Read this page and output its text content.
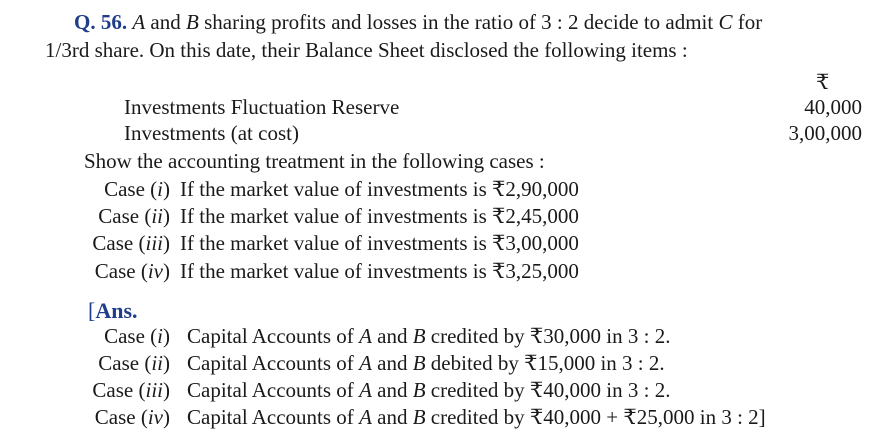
Q. 56. A and B sharing profits and losses in the ratio of 3 : 2 decide to admit C for
1/3rd share. On this date, their Balance Sheet disclosed the following items :
₹
Investments Fluctuation Reserve	40,000
Investments (at cost)	3,00,000
Show the accounting treatment in the following cases :
Case (i) If the market value of investments is ₹2,90,000
Case (ii) If the market value of investments is ₹2,45,000
Case (iii) If the market value of investments is ₹3,00,000
Case (iv) If the market value of investments is ₹3,25,000
[Ans.
Case (i) Capital Accounts of A and B credited by ₹30,000 in 3 : 2.
Case (ii) Capital Accounts of A and B debited by ₹15,000 in 3 : 2.
Case (iii) Capital Accounts of A and B credited by ₹40,000 in 3 : 2.
Case (iv) Capital Accounts of A and B credited by ₹40,000 + ₹25,000 in 3 : 2]
